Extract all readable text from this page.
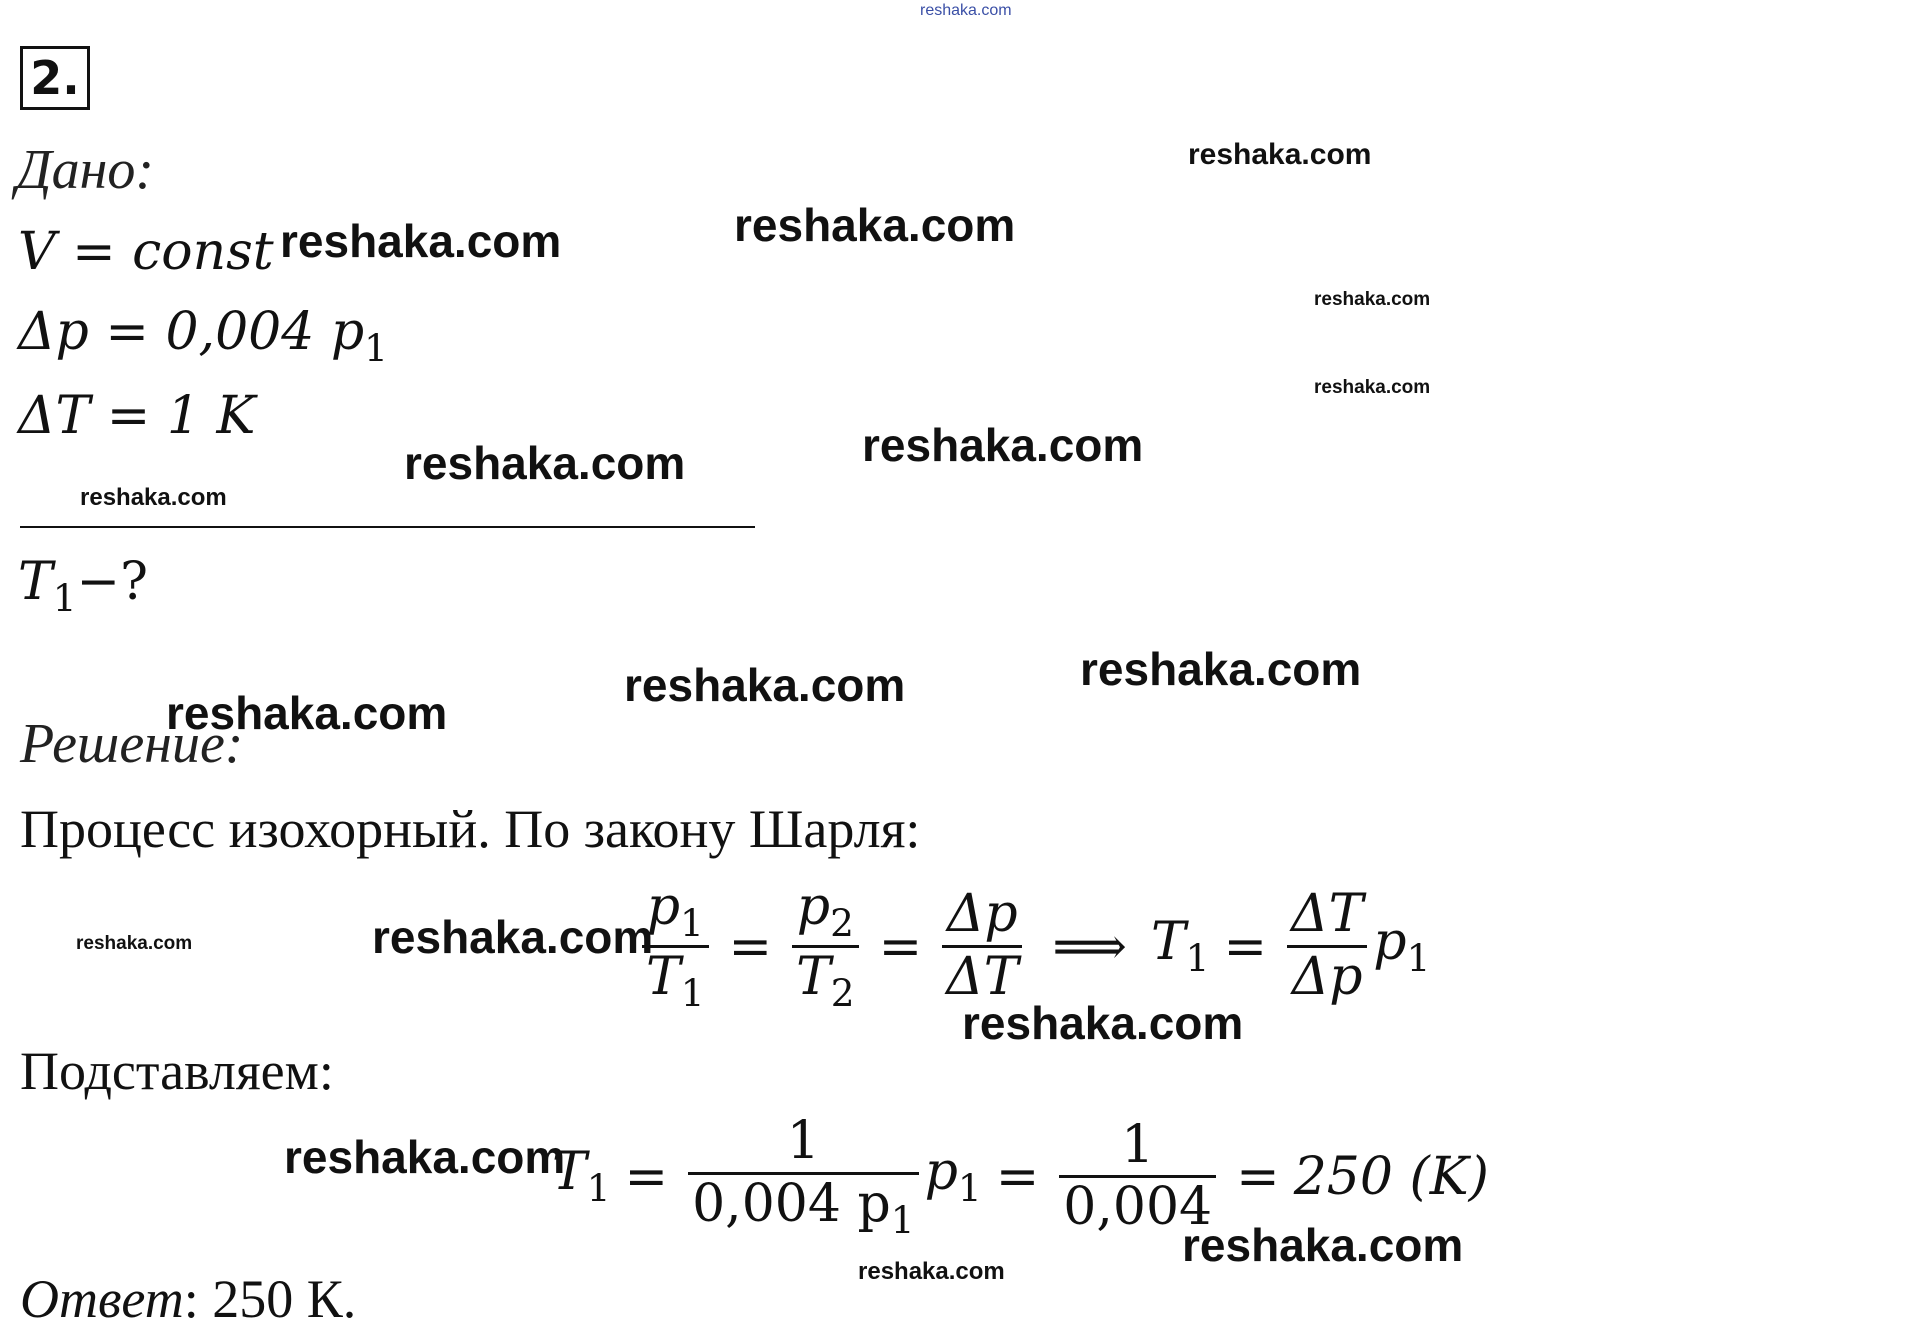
reshaka.com
2.
Дано:
V = const
Δp = 0,004 $p_1$
ΔT = 1 K
$T_1-$?
Решение:
Процесс изохорный. По закону Шарля:
$\frac{p_1}{T_1} = \frac{p_2}{T_2} = \frac{\Delta p}{\Delta T}$ ⟹ $T_1 = \frac{\Delta T}{\Delta p} p_1$
Подставляем:
$T_1 = \frac{1}{0,004 p_1} p_1 = \frac{1}{0,004} = 250$ (K)
Ответ: 250 К.
reshaka.com
reshaka.com	reshaka.com
reshaka.com
reshaka.com
reshaka.com	reshaka.com
reshaka.com
reshaka.com	reshaka.com
reshaka.com
reshaka.com	reshaka.com
reshaka.com
reshaka.com
reshaka.com
reshaka.com
